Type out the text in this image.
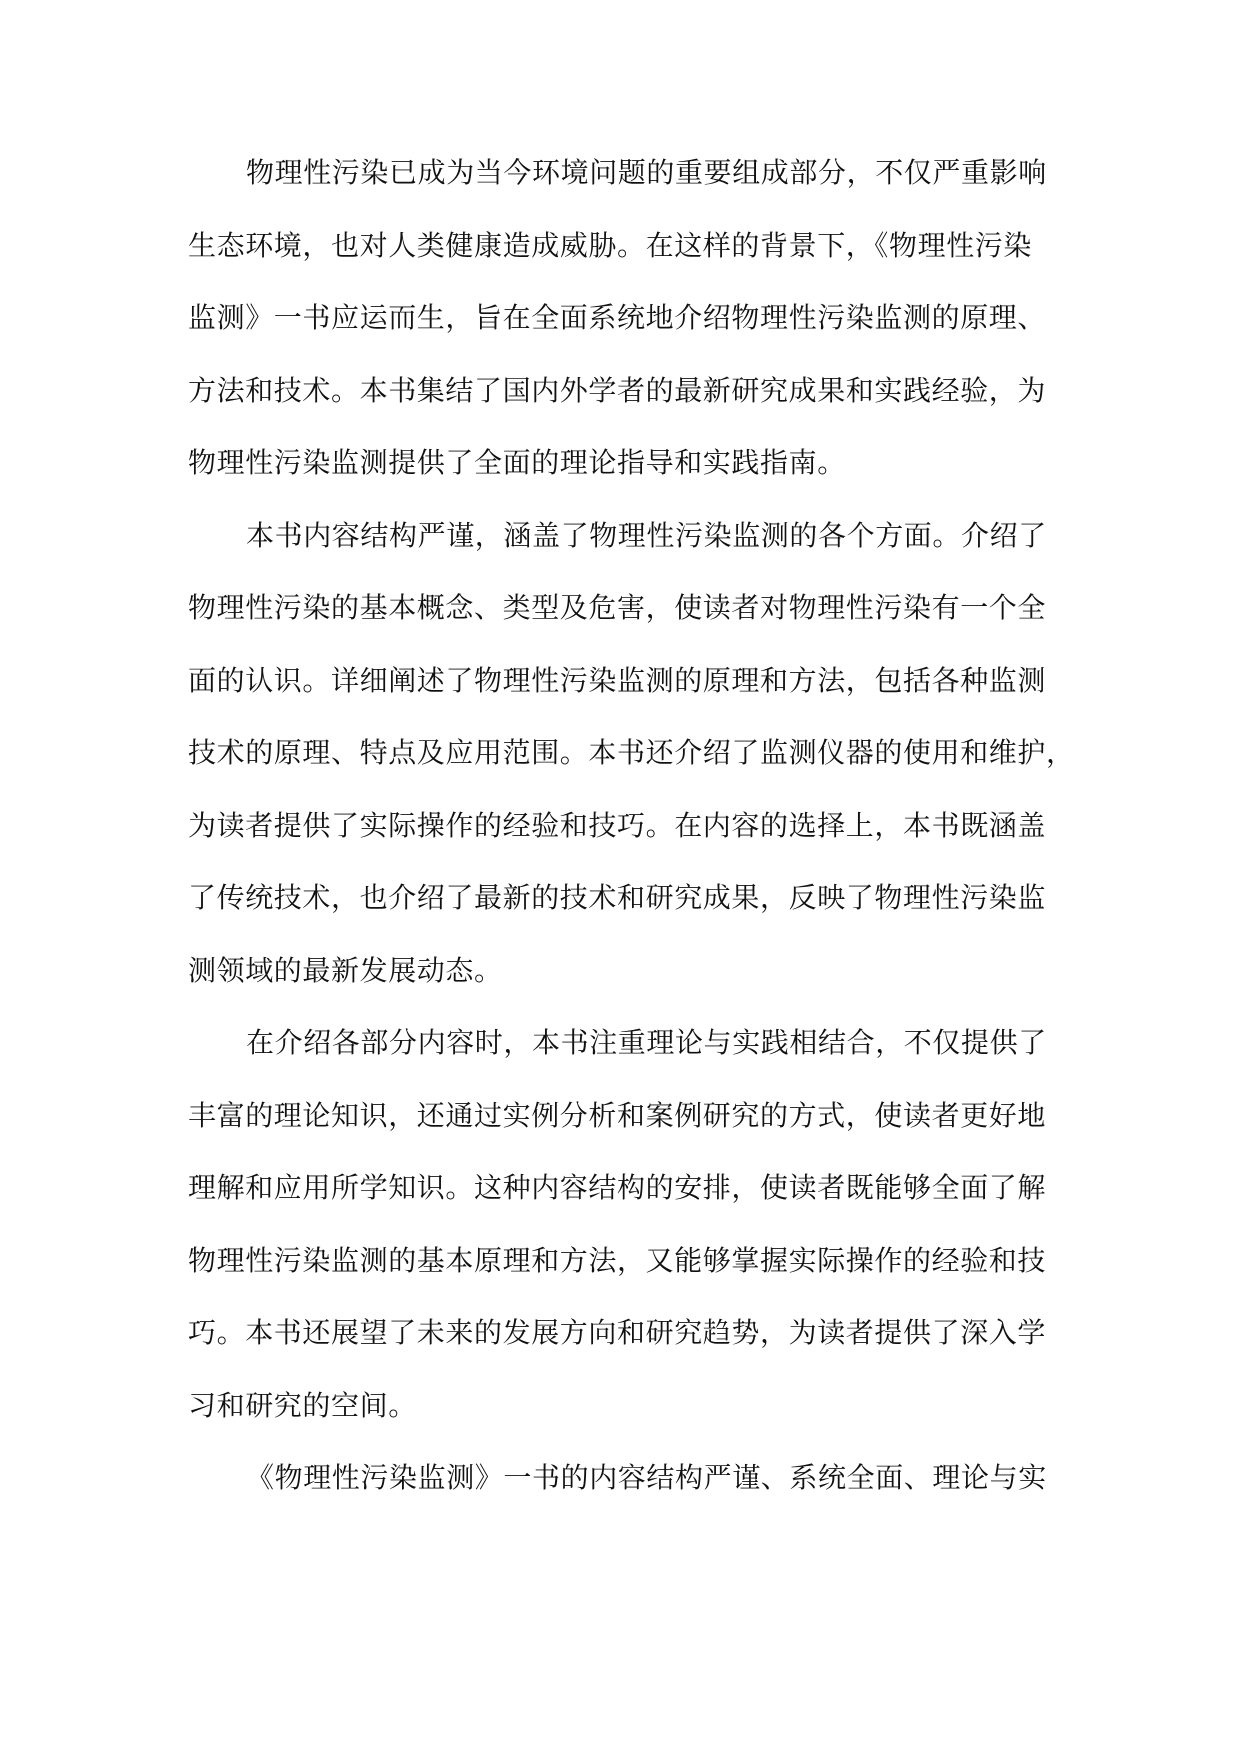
物理性污染已成为当今环境问题的重要组成部分，不仅严重影响
生态环境，也对人类健康造成威胁。在这样的背景下，《物理性污染
监测》一书应运而生，旨在全面系统地介绍物理性污染监测的原理、
方法和技术。本书集结了国内外学者的最新研究成果和实践经验，为
物理性污染监测提供了全面的理论指导和实践指南。
本书内容结构严谨，涵盖了物理性污染监测的各个方面。介绍了
物理性污染的基本概念、类型及危害，使读者对物理性污染有一个全
面的认识。详细阐述了物理性污染监测的原理和方法，包括各种监测
技术的原理、特点及应用范围。本书还介绍了监测仪器的使用和维护，
为读者提供了实际操作的经验和技巧。在内容的选择上，本书既涵盖
了传统技术，也介绍了最新的技术和研究成果，反映了物理性污染监
测领域的最新发展动态。
在介绍各部分内容时，本书注重理论与实践相结合，不仅提供了
丰富的理论知识，还通过实例分析和案例研究的方式，使读者更好地
理解和应用所学知识。这种内容结构的安排，使读者既能够全面了解
物理性污染监测的基本原理和方法，又能够掌握实际操作的经验和技
巧。本书还展望了未来的发展方向和研究趋势，为读者提供了深入学
习和研究的空间。
《物理性污染监测》一书的内容结构严谨、系统全面、理论与实
